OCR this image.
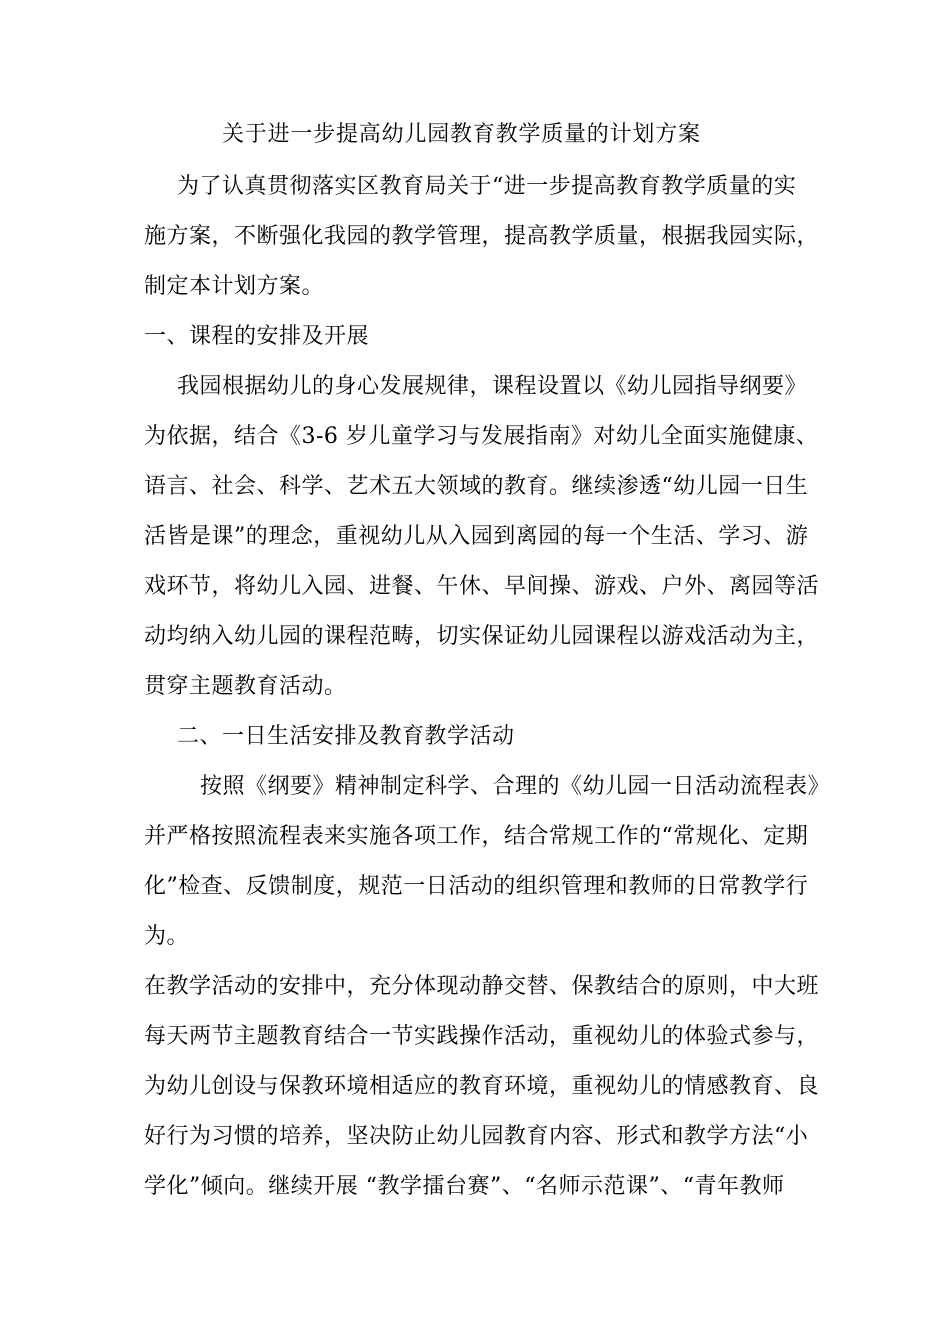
关于进一步提高幼儿园教育教学质量的计划方案
为了认真贯彻落实区教育局关于“进一步提高教育教学质量的实
施方案，不断强化我园的教学管理，提高教学质量，根据我园实际，
制定本计划方案。
一、课程的安排及开展
我园根据幼儿的身心发展规律，课程设置以《幼儿园指导纲要》
为依据，结合《3-6 岁儿童学习与发展指南》对幼儿全面实施健康、
语言、社会、科学、艺术五大领域的教育。继续渗透“幼儿园一日生
活皆是课”的理念，重视幼儿从入园到离园的每一个生活、学习、游
戏环节，将幼儿入园、进餐、午休、早间操、游戏、户外、离园等活
动均纳入幼儿园的课程范畴，切实保证幼儿园课程以游戏活动为主，
贯穿主题教育活动。
二、一日生活安排及教育教学活动
按照《纲要》精神制定科学、合理的《幼儿园一日活动流程表》
并严格按照流程表来实施各项工作，结合常规工作的“常规化、定期
化”检查、反馈制度，规范一日活动的组织管理和教师的日常教学行
为。
在教学活动的安排中，充分体现动静交替、保教结合的原则，中大班
每天两节主题教育结合一节实践操作活动，重视幼儿的体验式参与，
为幼儿创设与保教环境相适应的教育环境，重视幼儿的情感教育、良
好行为习惯的培养，坚决防止幼儿园教育内容、形式和教学方法“小
学化”倾向。继续开展 “教学擂台赛”、“名师示范课”、“青年教师
